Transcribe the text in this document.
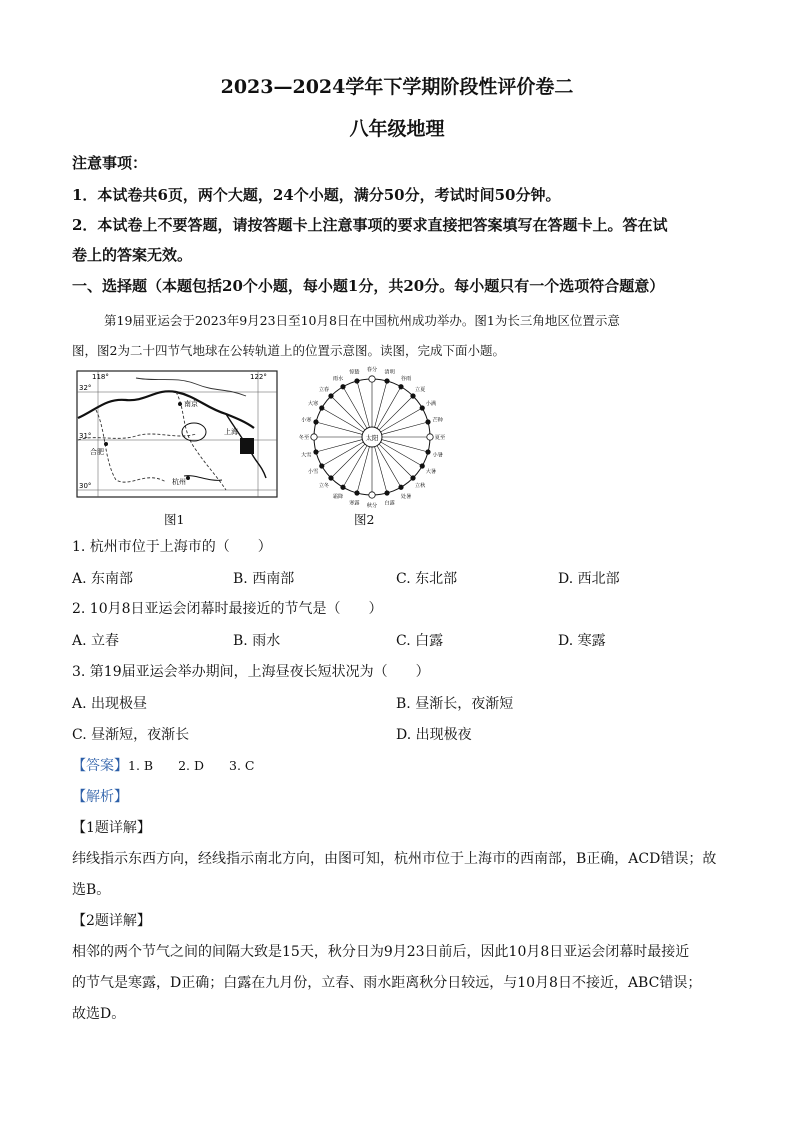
2023—2024学年下学期阶段性评价卷二
八年级地理
注意事项：
1．本试卷共6页，两个大题，24个小题，满分50分，考试时间50分钟。
2．本试卷上不要答题，请按答题卡上注意事项的要求直接把答案填写在答题卡上。答在试
卷上的答案无效。
一、选择题（本题包括20个小题，每小题1分，共20分。每小题只有一个选项符合题意）
第19届亚运会于2023年9月23日至10月8日在中国杭州成功举办。图1为长三角地区位置示意
图，图2为二十四节气地球在公转轨道上的位置示意图。读图，完成下面小题。
118°	122°
32°
31°
30°
南京
上海
合肥
杭州
图1
太阳
春分 清明
谷雨
立夏
小满
芒种
夏至
小暑
大暑
立秋
处暑
白露
秋分
寒露
霜降
立冬
小雪
大雪
冬至
小寒
大寒
立春
雨水
惊蛰
图2
1. 杭州市位于上海市的（　　）
A. 东南部	B. 西南部	C. 东北部	D. 西北部
2. 10月8日亚运会闭幕时最接近的节气是（　　）
A. 立春	B. 雨水	C. 白露	D. 寒露
3. 第19届亚运会举办期间，上海昼夜长短状况为（　　）
A. 出现极昼	B. 昼渐长，夜渐短
C. 昼渐短，夜渐长	D. 出现极夜
【答案】1. B　　2. D　　3. C
【解析】
【1题详解】
纬线指示东西方向，经线指示南北方向，由图可知，杭州市位于上海市的西南部，B正确，ACD错误；故
选B。
【2题详解】
相邻的两个节气之间的间隔大致是15天，秋分日为9月23日前后，因此10月8日亚运会闭幕时最接近
的节气是寒露，D正确；白露在九月份，立春、雨水距离秋分日较远，与10月8日不接近，ABC错误；
故选D。
